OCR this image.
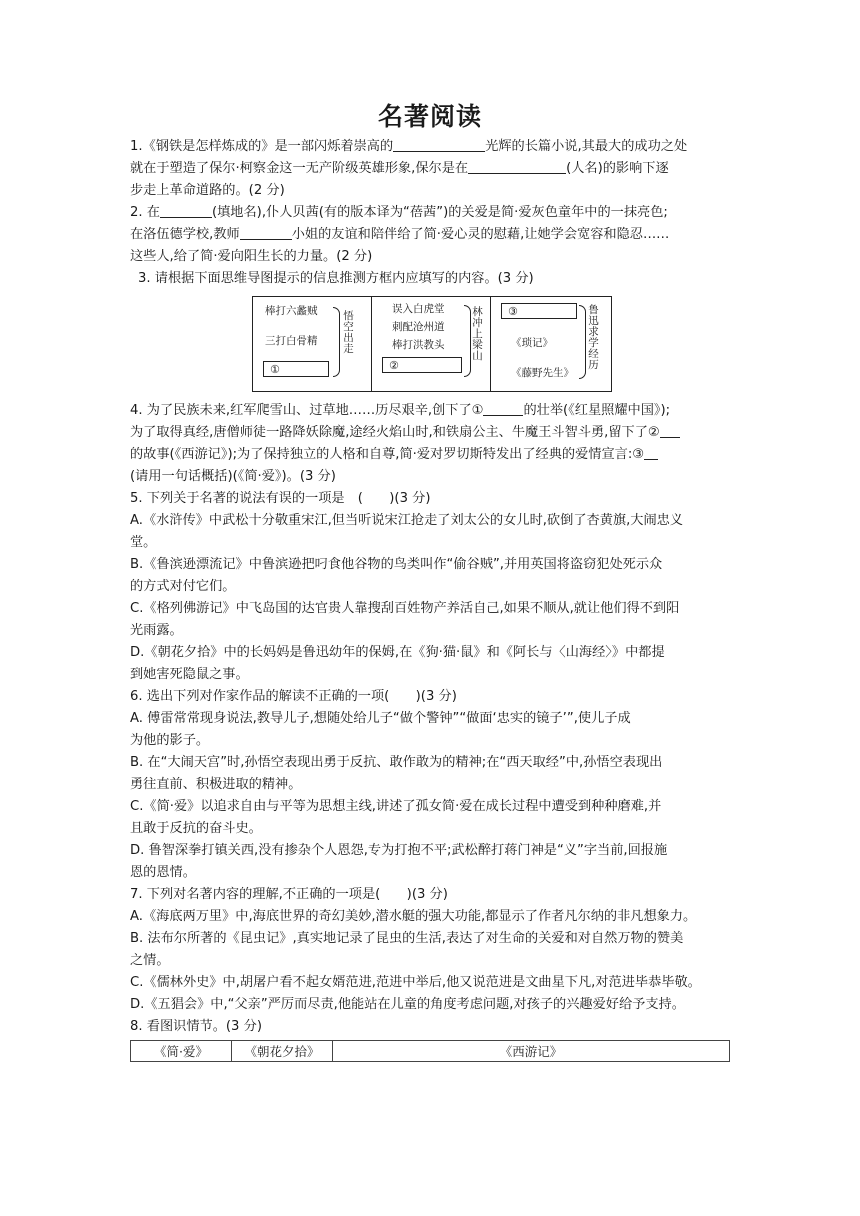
名著阅读

1.《钢铁是怎样炼成的》是一部闪烁着崇高的	光辉的长篇小说,其最大的成功之处

就在于塑造了保尔·柯察金这一无产阶级英雄形象,保尔是在	(人名)的影响下逐

步走上革命道路的。(2 分)

2. 在	(填地名),仆人贝茜(有的版本译为“蓓茜”)的关爱是简·爱灰色童年中的一抹亮色;

在洛伍德学校,教师	小姐的友谊和陪伴给了简·爱心灵的慰藉,让她学会宽容和隐忍……

这些人,给了简·爱向阳生长的力量。(2 分)

3. 请根据下面思维导图提示的信息推测方框内应填写的内容。(3 分)

棒打六蠡贼
三打白骨精
①
悟
空
出
走
误入白虎堂
刺配沧州道
棒打洪教头
②
林
冲
上
梁
山
③
《琐记》
《藤野先生》
鲁
迅
求
学
经
历

4. 为了民族未来,红军爬雪山、过草地……历尽艰辛,创下了①	的壮举(《红星照耀中国》);

为了取得真经,唐僧师徒一路降妖除魔,途经火焰山时,和铁扇公主、牛魔王斗智斗勇,留下了②

的故事(《西游记》);为了保持独立的人格和自尊,简·爱对罗切斯特发出了经典的爱情宣言:③

(请用一句话概括)(《简·爱》)。(3 分)

5. 下列关于名著的说法有误的一项是　(　　)(3 分)

A.《水浒传》中武松十分敬重宋江,但当听说宋江抢走了刘太公的女儿时,砍倒了杏黄旗,大闹忠义

堂。

B.《鲁滨逊漂流记》中鲁滨逊把叼食他谷物的鸟类叫作“偷谷贼”,并用英国将盗窃犯处死示众

的方式对付它们。

C.《格列佛游记》中飞岛国的达官贵人靠搜刮百姓物产养活自己,如果不顺从,就让他们得不到阳

光雨露。

D.《朝花夕拾》中的长妈妈是鲁迅幼年的保姆,在《狗·猫·鼠》和《阿长与〈山海经〉》中都提

到她害死隐鼠之事。

6. 选出下列对作家作品的解读不正确的一项(　　)(3 分)

A. 傅雷常常现身说法,教导儿子,想随处给儿子“做个警钟”“做面‘忠实的镜子’”,使儿子成

为他的影子。

B. 在“大闹天宫”时,孙悟空表现出勇于反抗、敢作敢为的精神;在“西天取经”中,孙悟空表现出

勇往直前、积极进取的精神。

C.《简·爱》以追求自由与平等为思想主线,讲述了孤女简·爱在成长过程中遭受到种种磨难,并

且敢于反抗的奋斗史。

D. 鲁智深拳打镇关西,没有掺杂个人恩怨,专为打抱不平;武松醉打蒋门神是“义”字当前,回报施

恩的恩情。

7. 下列对名著内容的理解,不正确的一项是(　　)(3 分)

A.《海底两万里》中,海底世界的奇幻美妙,潜水艇的强大功能,都显示了作者凡尔纳的非凡想象力。

B. 法布尔所著的《昆虫记》,真实地记录了昆虫的生活,表达了对生命的关爱和对自然万物的赞美

之情。

C.《儒林外史》中,胡屠户看不起女婿范进,范进中举后,他又说范进是文曲星下凡,对范进毕恭毕敬。

D.《五猖会》中,“父亲”严厉而尽责,他能站在儿童的角度考虑问题,对孩子的兴趣爱好给予支持。

8. 看图识情节。(3 分)

《简·爱》	《朝花夕拾》	《西游记》
